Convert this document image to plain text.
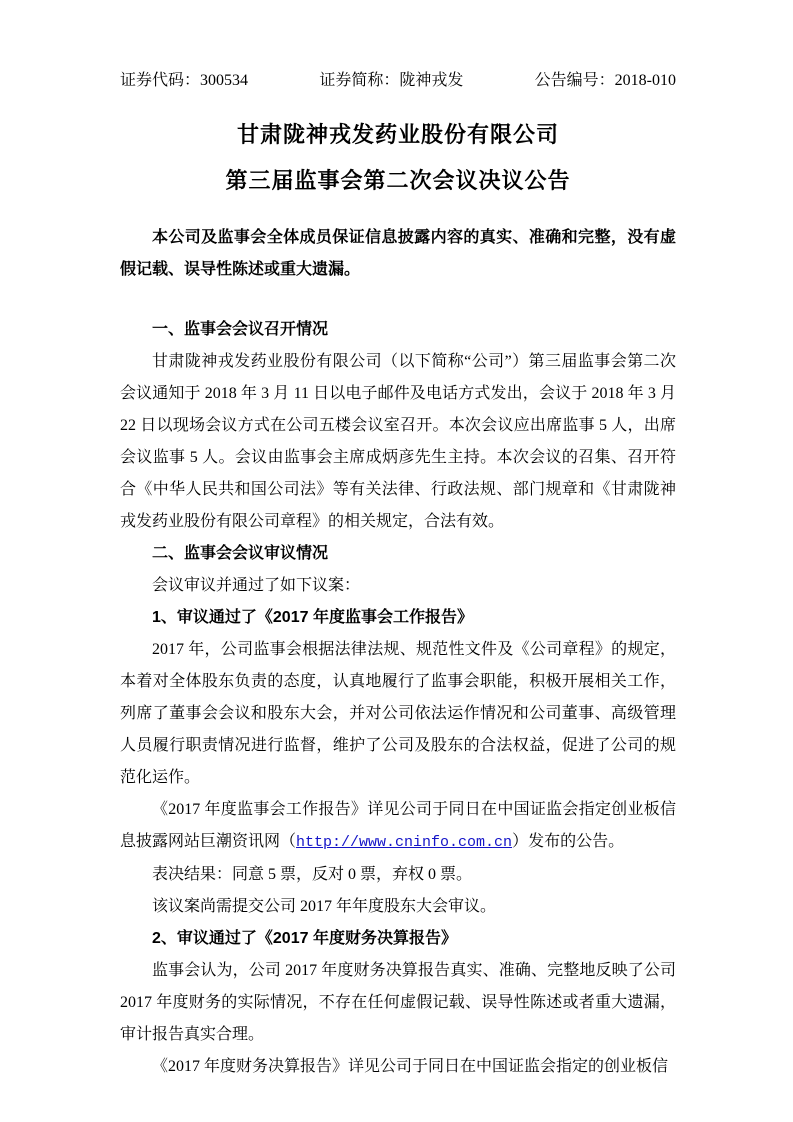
证券代码：300534	证券简称：陇神戎发	公告编号：2018-010
甘肃陇神戎发药业股份有限公司
第三届监事会第二次会议决议公告

本公司及监事会全体成员保证信息披露内容的真实、准确和完整，没有虚假记载、误导性陈述或重大遗漏。

一、监事会会议召开情况

甘肃陇神戎发药业股份有限公司（以下简称“公司”）第三届监事会第二次会议通知于 2018 年 3 月 11 日以电子邮件及电话方式发出，会议于 2018 年 3 月 22 日以现场会议方式在公司五楼会议室召开。本次会议应出席监事 5 人，出席会议监事 5 人。会议由监事会主席成炳彦先生主持。本次会议的召集、召开符合《中华人民共和国公司法》等有关法律、行政法规、部门规章和《甘肃陇神戎发药业股份有限公司章程》的相关规定，合法有效。

二、监事会会议审议情况

会议审议并通过了如下议案：

1、审议通过了《2017 年度监事会工作报告》

2017 年，公司监事会根据法律法规、规范性文件及《公司章程》的规定， 本着对全体股东负责的态度，认真地履行了监事会职能，积极开展相关工作，列席了董事会会议和股东大会，并对公司依法运作情况和公司董事、高级管理人员履行职责情况进行监督，维护了公司及股东的合法权益，促进了公司的规范化运作。

《2017 年度监事会工作报告》详见公司于同日在中国证监会指定创业板信息披露网站巨潮资讯网（http://www.cninfo.com.cn）发布的公告。

表决结果：同意 5 票，反对 0 票，弃权 0 票。

该议案尚需提交公司 2017 年年度股东大会审议。

2、审议通过了《2017 年度财务决算报告》

监事会认为，公司 2017 年度财务决算报告真实、准确、完整地反映了公司 2017 年度财务的实际情况，不存在任何虚假记载、误导性陈述或者重大遗漏， 审计报告真实合理。

《2017 年度财务决算报告》详见公司于同日在中国证监会指定的创业板信
